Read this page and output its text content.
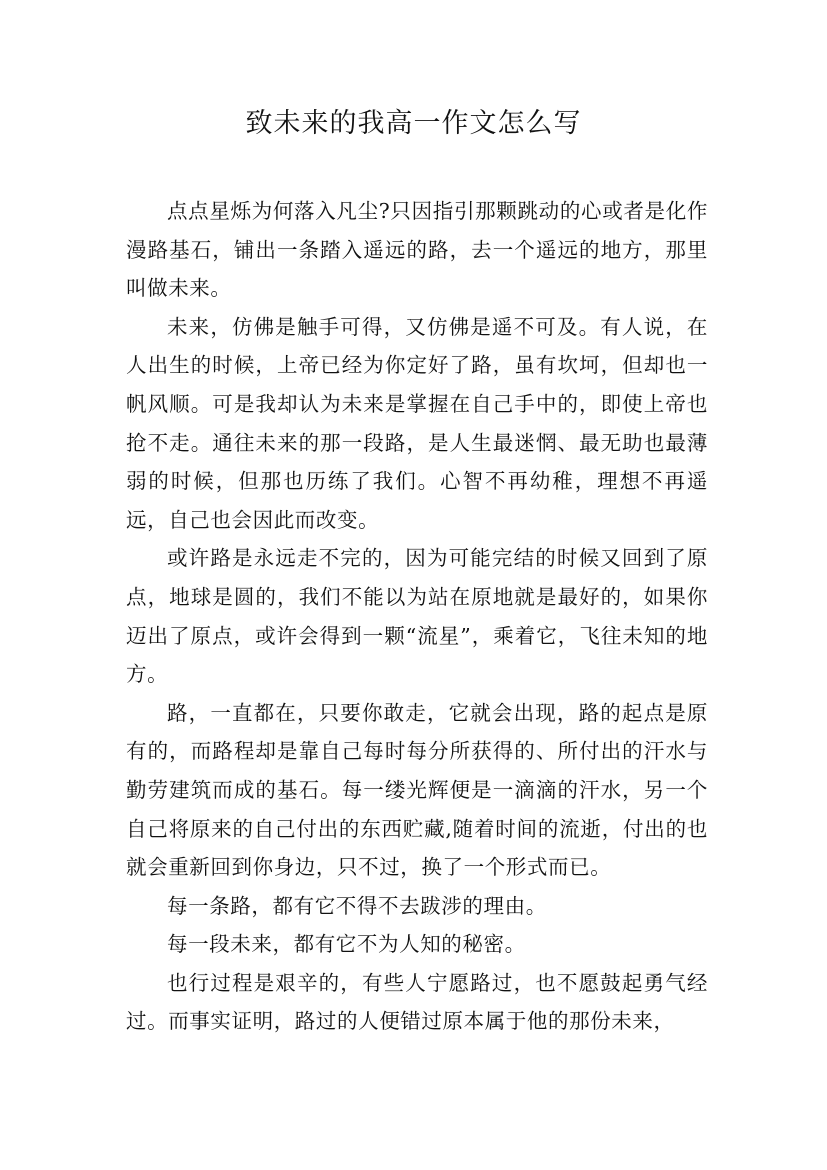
致未来的我高一作文怎么写

点点星烁为何落入凡尘?只因指引那颗跳动的心或者是化作漫路基石，铺出一条踏入遥远的路，去一个遥远的地方，那里叫做未来。

未来，仿佛是触手可得，又仿佛是遥不可及。有人说，在人出生的时候，上帝已经为你定好了路，虽有坎坷，但却也一帆风顺。可是我却认为未来是掌握在自己手中的，即使上帝也抢不走。通往未来的那一段路，是人生最迷惘、最无助也最薄弱的时候，但那也历练了我们。心智不再幼稚，理想不再遥远，自己也会因此而改变。

或许路是永远走不完的，因为可能完结的时候又回到了原点，地球是圆的，我们不能以为站在原地就是最好的，如果你迈出了原点，或许会得到一颗“流星”，乘着它，飞往未知的地方。

路，一直都在，只要你敢走，它就会出现，路的起点是原有的，而路程却是靠自己每时每分所获得的、所付出的汗水与勤劳建筑而成的基石。每一缕光辉便是一滴滴的汗水，另一个自己将原来的自己付出的东西贮藏,随着时间的流逝，付出的也就会重新回到你身边，只不过，换了一个形式而已。

每一条路，都有它不得不去跋涉的理由。

每一段未来，都有它不为人知的秘密。

也行过程是艰辛的，有些人宁愿路过，也不愿鼓起勇气经过。而事实证明，路过的人便错过原本属于他的那份未来，
